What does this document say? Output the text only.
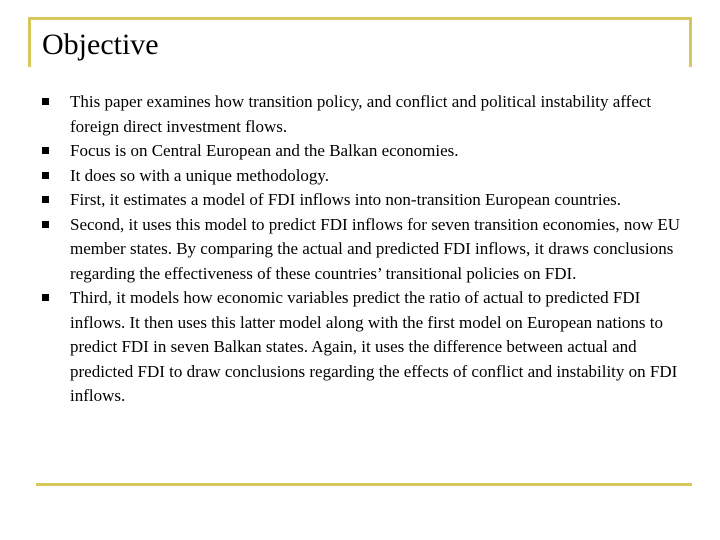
Objective
This paper examines how transition policy, and conflict and political instability affect foreign direct investment flows.
Focus is on Central European and the Balkan economies.
It does so with a unique methodology.
First, it estimates a model of FDI inflows into non-transition European countries.
Second, it uses this model to predict FDI inflows for seven transition economies, now EU member states. By comparing the actual and predicted FDI inflows, it draws conclusions regarding the effectiveness of these countries’ transitional policies on FDI.
Third, it models how economic variables predict the ratio of actual to predicted FDI inflows. It then uses this latter model along with the first model on European nations to predict FDI in seven Balkan states. Again, it uses the difference between actual and predicted FDI to draw conclusions regarding the effects of conflict and instability on FDI inflows.
